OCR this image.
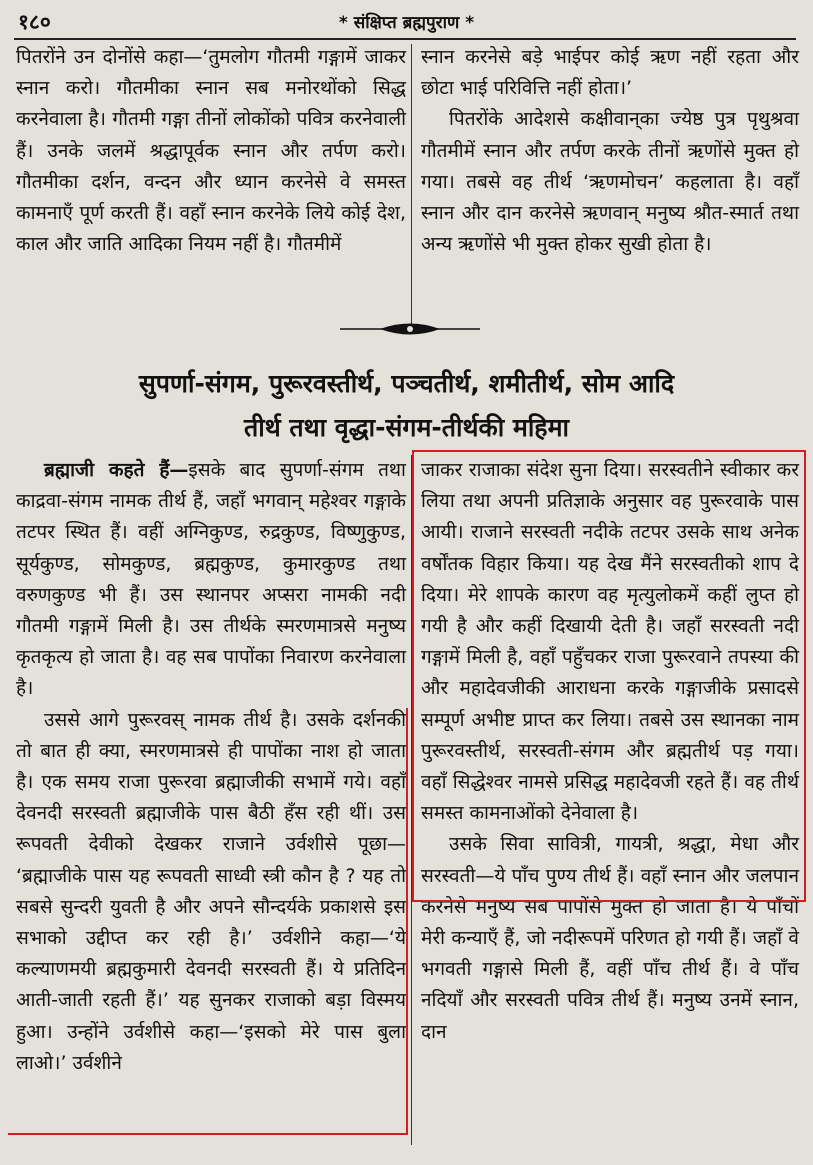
१८०	* संक्षिप्त ब्रह्मपुराण *

पितरोंने उन दोनोंसे कहा—‘तुमलोग गौतमी गङ्गामें जाकर स्नान करो। गौतमीका स्नान सब मनोरथोंको सिद्ध करनेवाला है। गौतमी गङ्गा तीनों लोकोंको पवित्र करनेवाली हैं। उनके जलमें श्रद्धापूर्वक स्नान और तर्पण करो। गौतमीका दर्शन, वन्दन और ध्यान करनेसे वे समस्त कामनाएँ पूर्ण करती हैं। वहाँ स्नान करनेके लिये कोई देश, काल और जाति आदिका नियम नहीं है। गौतमीमें

स्नान करनेसे बड़े भाईपर कोई ऋण नहीं रहता और छोटा भाई परिवित्ति नहीं होता।’

पितरोंके आदेशसे कक्षीवान्‌का ज्येष्ठ पुत्र पृथुश्रवा गौतमीमें स्नान और तर्पण करके तीनों ऋणोंसे मुक्त हो गया। तबसे वह तीर्थ ‘ऋणमोचन’ कहलाता है। वहाँ स्नान और दान करनेसे ऋणवान्‌ मनुष्य श्रौत-स्मार्त तथा अन्य ऋणोंसे भी मुक्त होकर सुखी होता है।

सुपर्णा-संगम, पुरूरवस्तीर्थ, पञ्चतीर्थ, शमीतीर्थ, सोम आदि
तीर्थ तथा वृद्धा-संगम-तीर्थकी महिमा

ब्रह्माजी कहते हैं—इसके बाद सुपर्णा-संगम तथा काद्रवा-संगम नामक तीर्थ हैं, जहाँ भगवान्‌ महेश्वर गङ्गाके तटपर स्थित हैं। वहीं अग्निकुण्ड, रुद्रकुण्ड, विष्णुकुण्ड, सूर्यकुण्ड, सोमकुण्ड, ब्रह्मकुण्ड, कुमारकुण्ड तथा वरुणकुण्ड भी हैं। उस स्थानपर अप्सरा नामकी नदी गौतमी गङ्गामें मिली है। उस तीर्थके स्मरणमात्रसे मनुष्य कृतकृत्य हो जाता है। वह सब पापोंका निवारण करनेवाला है।

उससे आगे पुरूरवस्‌ नामक तीर्थ है। उसके दर्शनकी तो बात ही क्या, स्मरणमात्रसे ही पापोंका नाश हो जाता है। एक समय राजा पुरूरवा ब्रह्माजीकी सभामें गये। वहाँ देवनदी सरस्वती ब्रह्माजीके पास बैठी हँस रही थीं। उस रूपवती देवीको देखकर राजाने उर्वशीसे पूछा— ‘ब्रह्माजीके पास यह रूपवती साध्वी स्त्री कौन है ? यह तो सबसे सुन्दरी युवती है और अपने सौन्दर्यके प्रकाशसे इस सभाको उद्दीप्त कर रही है।’ उर्वशीने कहा—‘ये कल्याणमयी ब्रह्मकुमारी देवनदी सरस्वती हैं। ये प्रतिदिन आती-जाती रहती हैं।’ यह सुनकर राजाको बड़ा विस्मय हुआ। उन्होंने उर्वशीसे कहा—‘इसको मेरे पास बुला लाओ।’ उर्वशीने

जाकर राजाका संदेश सुना दिया। सरस्वतीने स्वीकार कर लिया तथा अपनी प्रतिज्ञाके अनुसार वह पुरूरवाके पास आयी। राजाने सरस्वती नदीके तटपर उसके साथ अनेक वर्षोंतक विहार किया। यह देख मैंने सरस्वतीको शाप दे दिया। मेरे शापके कारण वह मृत्युलोकमें कहीं लुप्त हो गयी है और कहीं दिखायी देती है। जहाँ सरस्वती नदी गङ्गामें मिली है, वहाँ पहुँचकर राजा पुरूरवाने तपस्या की और महादेवजीकी आराधना करके गङ्गाजीके प्रसादसे सम्पूर्ण अभीष्ट प्राप्त कर लिया। तबसे उस स्थानका नाम पुरूरवस्तीर्थ, सरस्वती-संगम और ब्रह्मतीर्थ पड़ गया। वहाँ सिद्धेश्वर नामसे प्रसिद्ध महादेवजी रहते हैं। वह तीर्थ समस्त कामनाओंको देनेवाला है।

उसके सिवा सावित्री, गायत्री, श्रद्धा, मेधा और सरस्वती—ये पाँच पुण्य तीर्थ हैं। वहाँ स्नान और जलपान करनेसे मनुष्य सब पापोंसे मुक्त हो जाता है। ये पाँचों मेरी कन्याएँ हैं, जो नदीरूपमें परिणत हो गयी हैं। जहाँ वे भगवती गङ्गासे मिली हैं, वहीं पाँच तीर्थ हैं। वे पाँच नदियाँ और सरस्वती पवित्र तीर्थ हैं। मनुष्य उनमें स्नान, दान
